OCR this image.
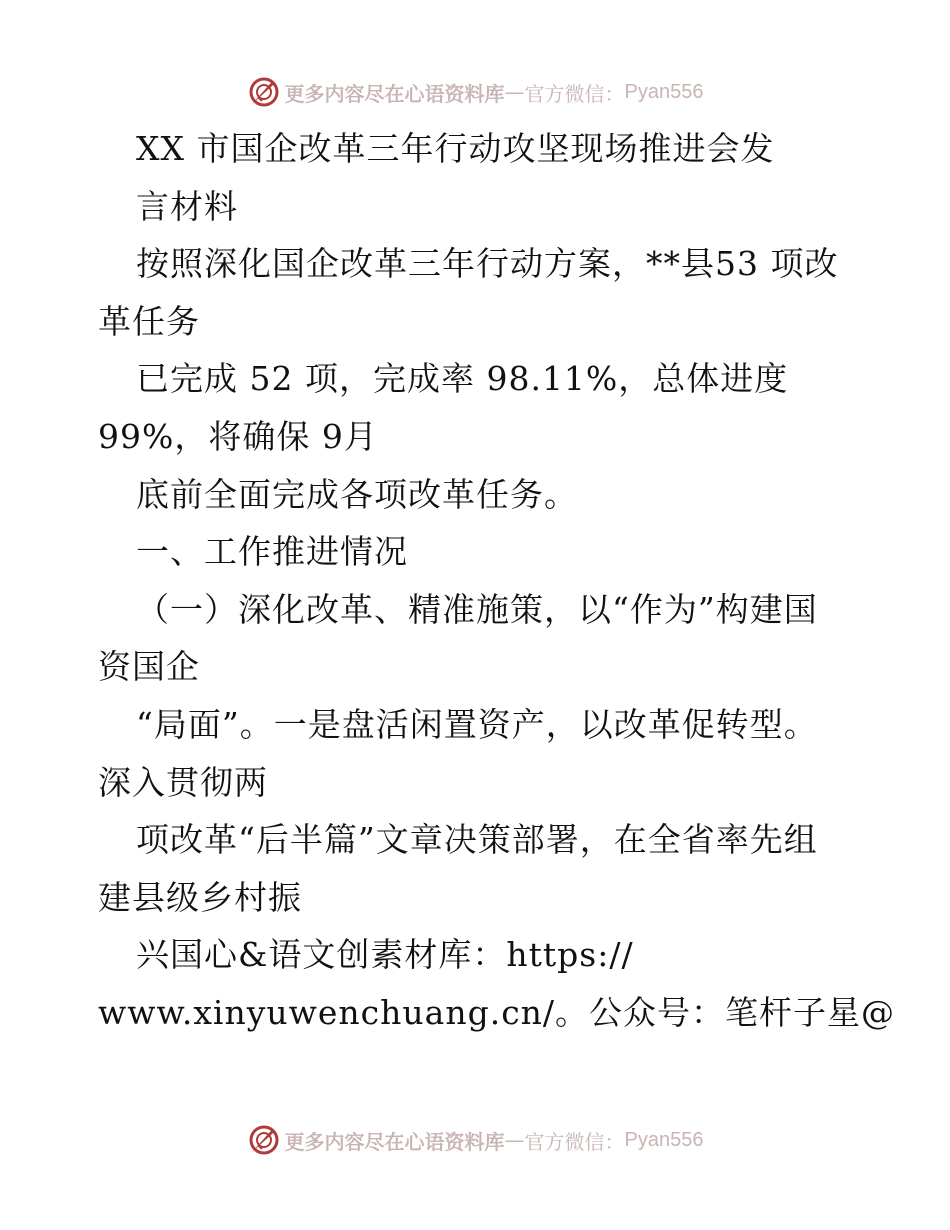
更多内容尽在心语资料库 — 官方微信： Pyan556
XX 市国企改革三年行动攻坚现场推进会发
言材料
按照深化国企改革三年行动方案，**县53 项改
革任务
已完成 52 项，完成率 98.11%，总体进度
99%，将确保 9月
底前全面完成各项改革任务。
一、工作推进情况
（一）深化改革、精准施策，以“作为”构建国
资国企
“局面”。一是盘活闲置资产，以改革促转型。
深入贯彻两
项改革“后半篇”文章决策部署，在全省率先组
建县级乡村振
兴国心&语文创素材库：https://
www.xinyuwenchuang.cn/。公众号：笔杆子星@
更多内容尽在心语资料库 — 官方微信： Pyan556
